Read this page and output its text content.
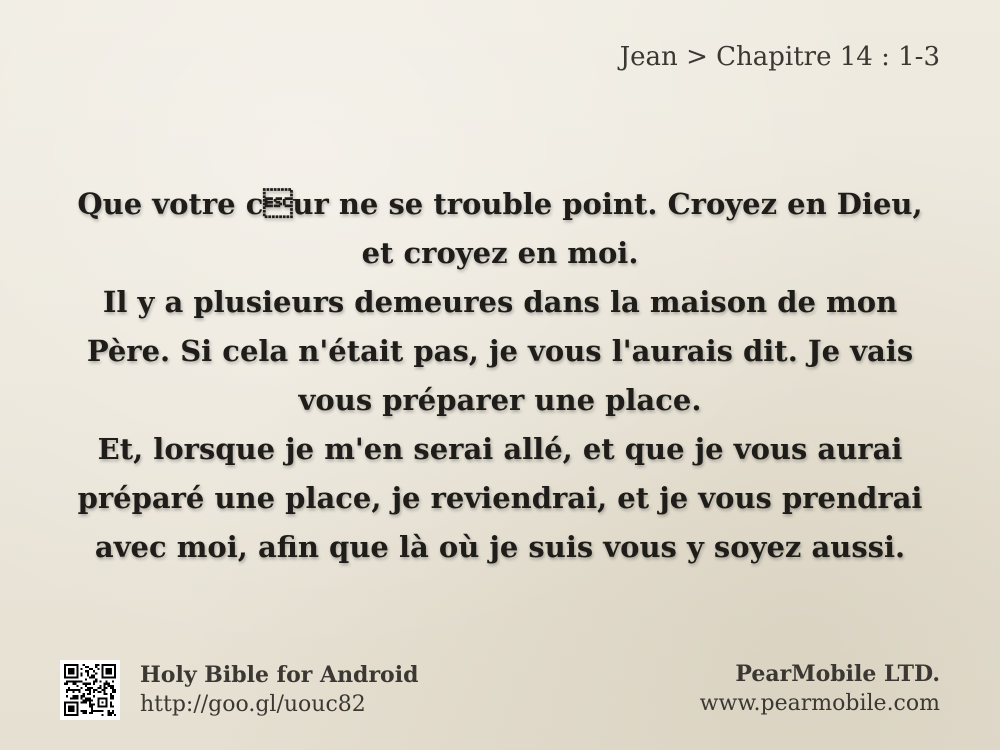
Jean > Chapitre 14 : 1-3
Que votre cur ne se trouble point. Croyez en Dieu, et croyez en moi.
Il y a plusieurs demeures dans la maison de mon Père. Si cela n'était pas, je vous l'aurais dit. Je vais vous préparer une place.
Et, lorsque je m'en serai allé, et que je vous aurai préparé une place, je reviendrai, et je vous prendrai avec moi, afin que là où je suis vous y soyez aussi.
Holy Bible for Android
http://goo.gl/uouc82
PearMobile LTD.
www.pearmobile.com
